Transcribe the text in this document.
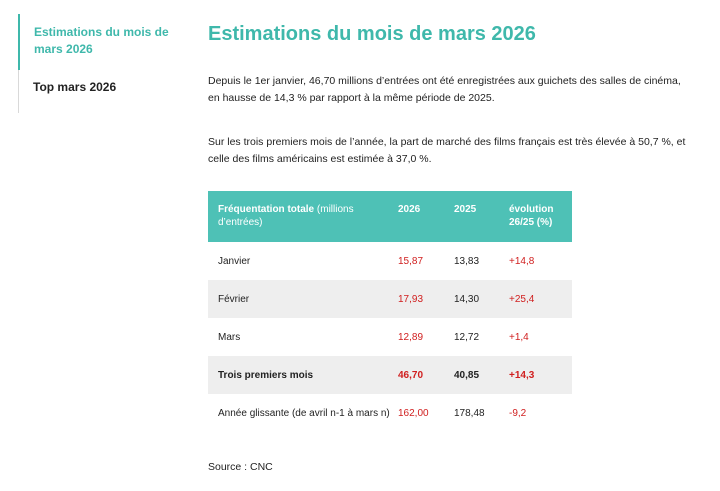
Estimations du mois de mars 2026
Top mars 2026
Estimations du mois de mars 2026

Depuis le 1er janvier, 46,70 millions d’entrées ont été enregistrées aux guichets des salles de cinéma, en hausse de 14,3 % par rapport à la même période de 2025.

Sur les trois premiers mois de l’année, la part de marché des films français est très élevée à 50,7 %, et celle des films américains est estimée à 37,0 %.

Fréquentation totale (millions d’entrées)	2026	2025	évolution 26/25 (%)
Janvier	15,87	13,83	+14,8
Février	17,93	14,30	+25,4
Mars	12,89	12,72	+1,4
Trois premiers mois	46,70	40,85	+14,3
Année glissante (de avril n-1 à mars n)	162,00	178,48	-9,2

Source : CNC
